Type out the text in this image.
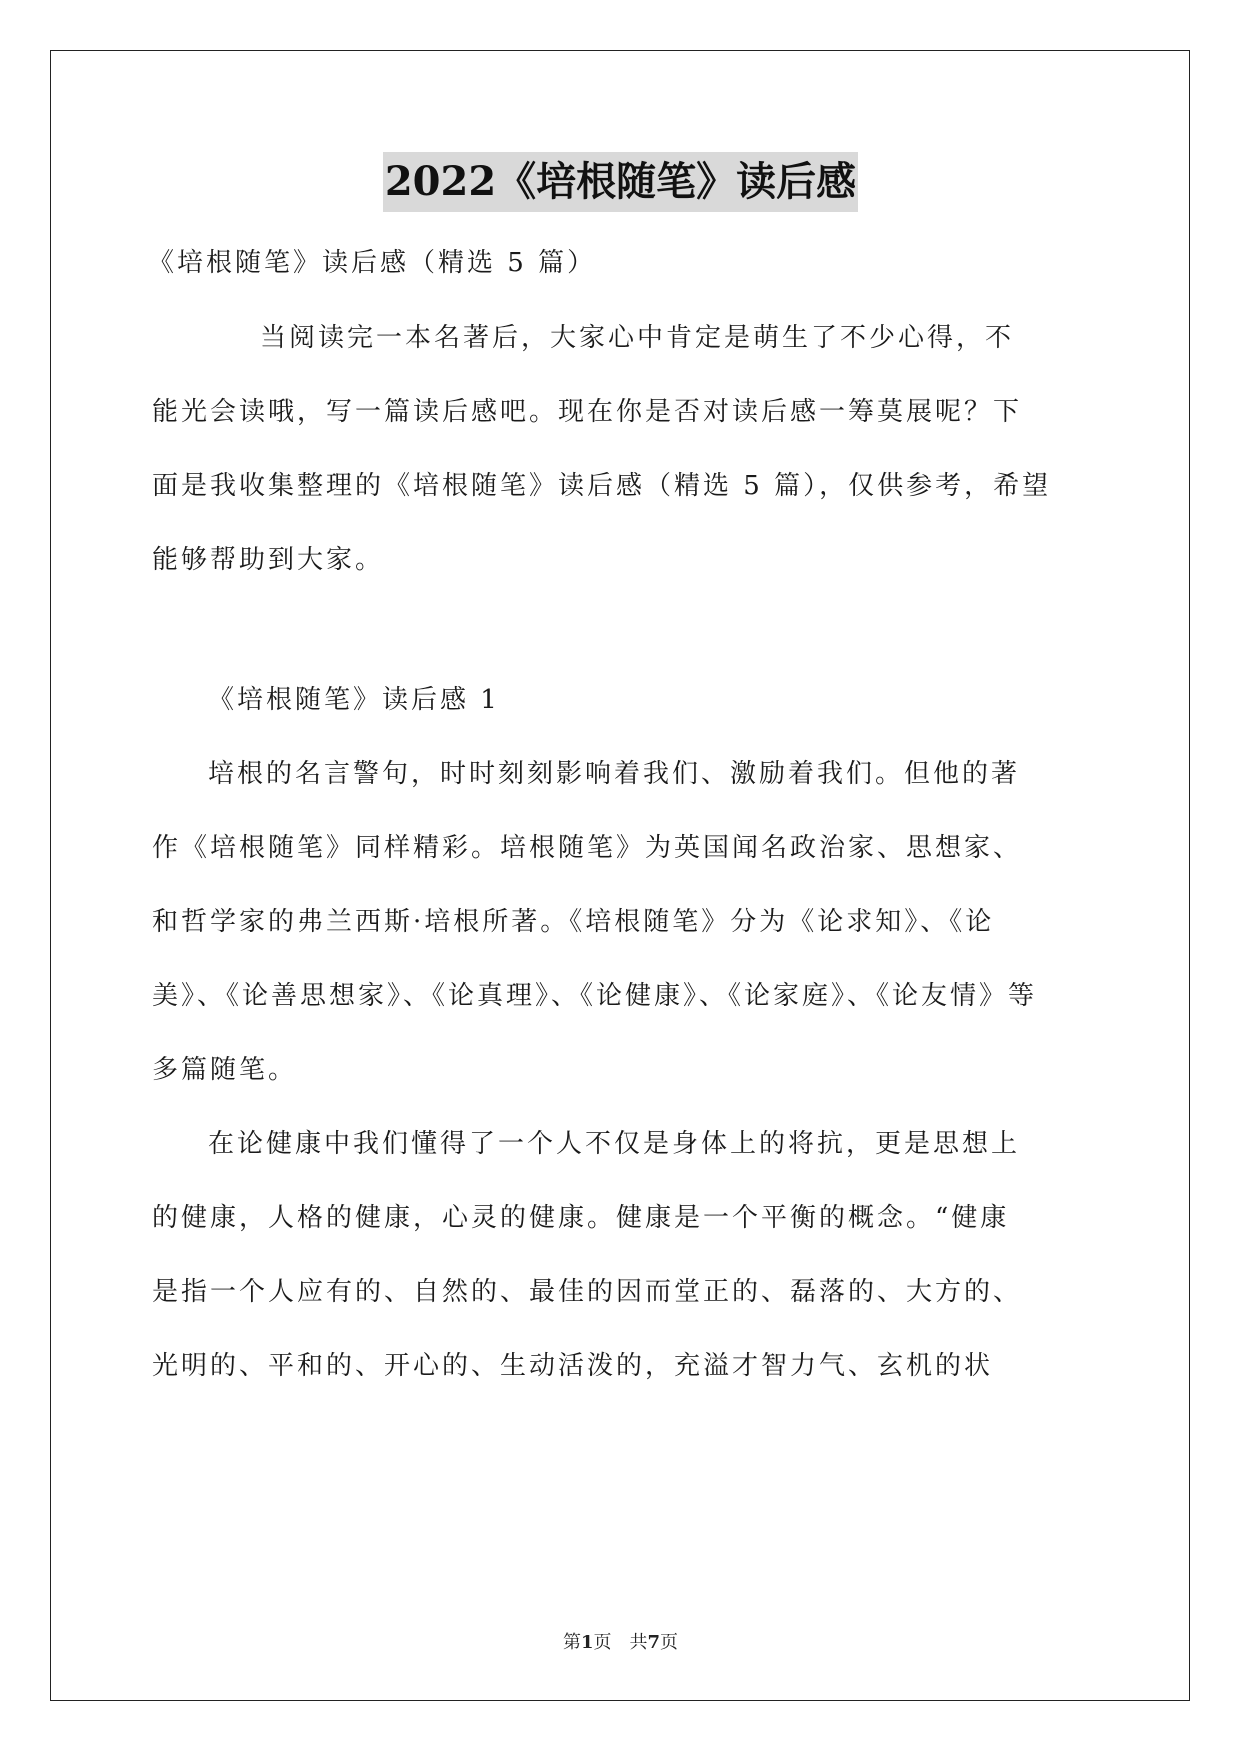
2022《培根随笔》读后感
《培根随笔》读后感（精选 5 篇）
当阅读完一本名著后，大家心中肯定是萌生了不少心得，不
能光会读哦，写一篇读后感吧。现在你是否对读后感一筹莫展呢？下
面是我收集整理的《培根随笔》读后感（精选 5 篇），仅供参考，希望
能够帮助到大家。
《培根随笔》读后感 1
培根的名言警句，时时刻刻影响着我们、激励着我们。但他的著
作《培根随笔》同样精彩。培根随笔》为英国闻名政治家、思想家、
和哲学家的弗兰西斯·培根所著。《培根随笔》分为《论求知》、《论
美》、《论善思想家》、《论真理》、《论健康》、《论家庭》、《论友情》等
多篇随笔。
在论健康中我们懂得了一个人不仅是身体上的将抗，更是思想上
的健康，人格的健康，心灵的健康。健康是一个平衡的概念。“健康
是指一个人应有的、自然的、最佳的因而堂正的、磊落的、大方的、
光明的、平和的、开心的、生动活泼的，充溢才智力气、玄机的状
第1页　共7页
